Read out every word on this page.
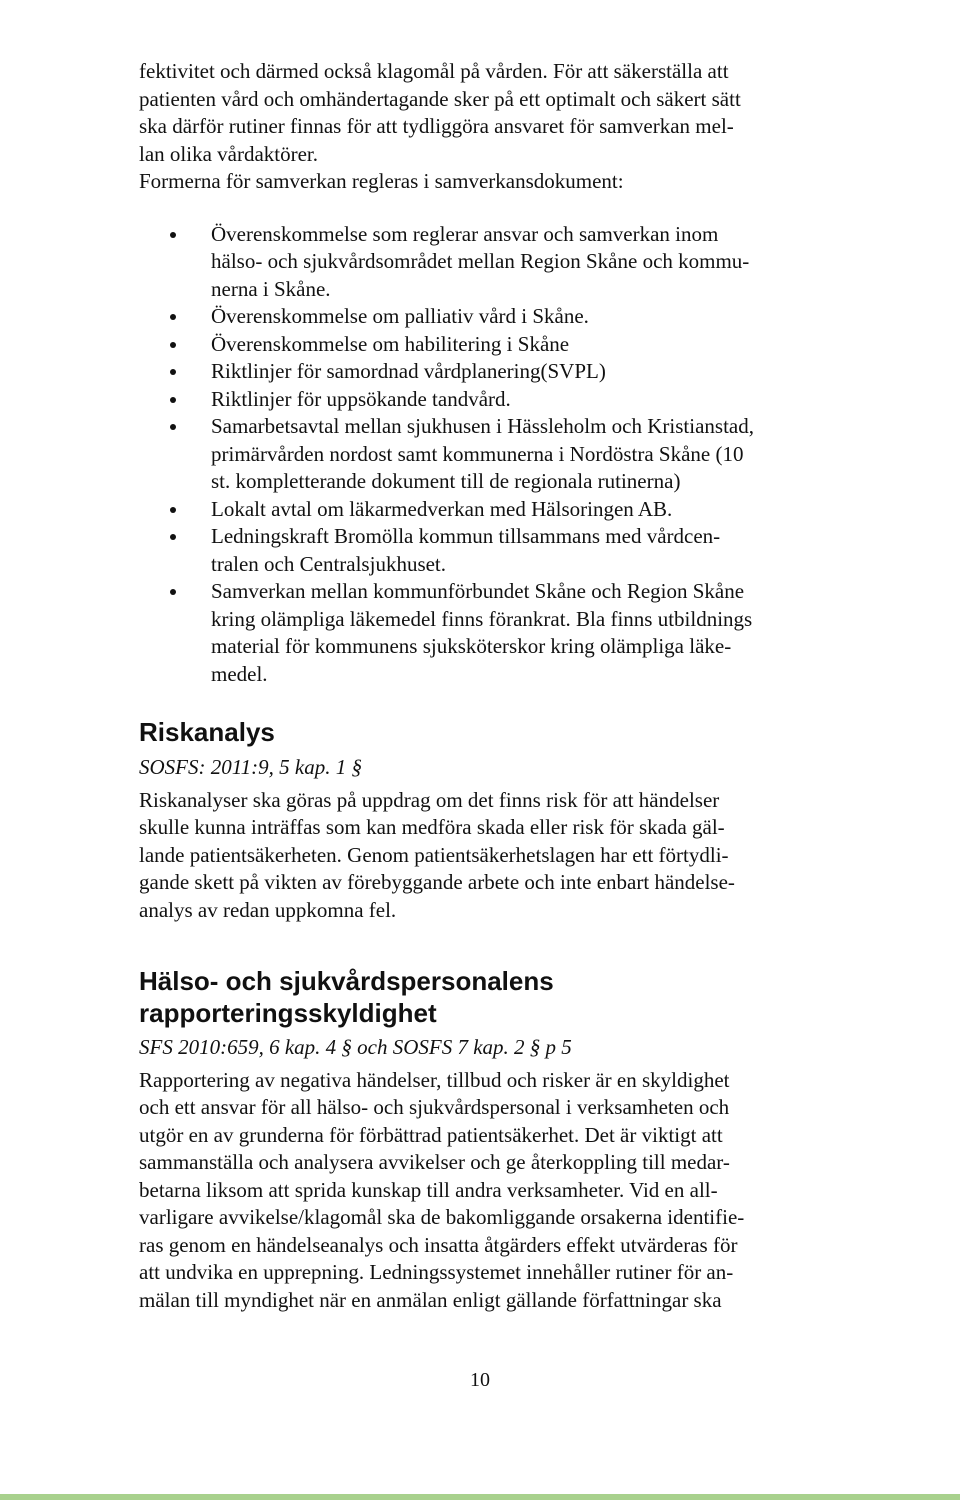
fektivitet och därmed också klagomål på vården. För att säkerställa att

patienten vård och omhändertagande sker på ett optimalt och säkert sätt

ska därför rutiner finnas för att tydliggöra ansvaret för samverkan mel-

lan olika vårdaktörer.

Formerna för samverkan regleras i samverkansdokument:

Överenskommelse som reglerar ansvar och samverkan inom

hälso- och sjukvårdsområdet mellan Region Skåne och kommu-

nerna i Skåne.

Överenskommelse om palliativ vård i Skåne.

Överenskommelse om habilitering i Skåne

Riktlinjer för samordnad vårdplanering(SVPL)

Riktlinjer för uppsökande tandvård.

Samarbetsavtal mellan sjukhusen i Hässleholm och Kristianstad,

primärvården nordost samt kommunerna i Nordöstra Skåne (10

st. kompletterande dokument till de regionala rutinerna)

Lokalt avtal om läkarmedverkan med Hälsoringen AB.

Ledningskraft Bromölla kommun tillsammans med vårdcen-

tralen och Centralsjukhuset.

Samverkan mellan kommunförbundet Skåne och Region Skåne

kring olämpliga läkemedel finns förankrat. Bla finns utbildnings

material för kommunens sjuksköterskor kring olämpliga läke-

medel.

Riskanalys

SOSFS: 2011:9, 5 kap. 1 §

Riskanalyser ska göras på uppdrag om det finns risk för att händelser

skulle kunna inträffas som kan medföra skada eller risk för skada gäl-

lande patientsäkerheten. Genom patientsäkerhetslagen har ett förtydli-

gande skett på vikten av förebyggande arbete och inte enbart händelse-

analys av redan uppkomna fel.

Hälso- och sjukvårdspersonalens
rapporteringsskyldighet

SFS 2010:659, 6 kap. 4 § och SOSFS 7 kap. 2 § p 5

Rapportering av negativa händelser, tillbud och risker är en skyldighet

och ett ansvar för all hälso- och sjukvårdspersonal i verksamheten och

utgör en av grunderna för förbättrad patientsäkerhet. Det är viktigt att

sammanställa och analysera avvikelser och ge återkoppling till medar-

betarna liksom att sprida kunskap till andra verksamheter. Vid en all-

varligare avvikelse/klagomål ska de bakomliggande orsakerna identifie-

ras genom en händelseanalys och insatta åtgärders effekt utvärderas för

att undvika en upprepning. Ledningssystemet innehåller rutiner för an-

mälan till myndighet när en anmälan enligt gällande författningar ska

10
